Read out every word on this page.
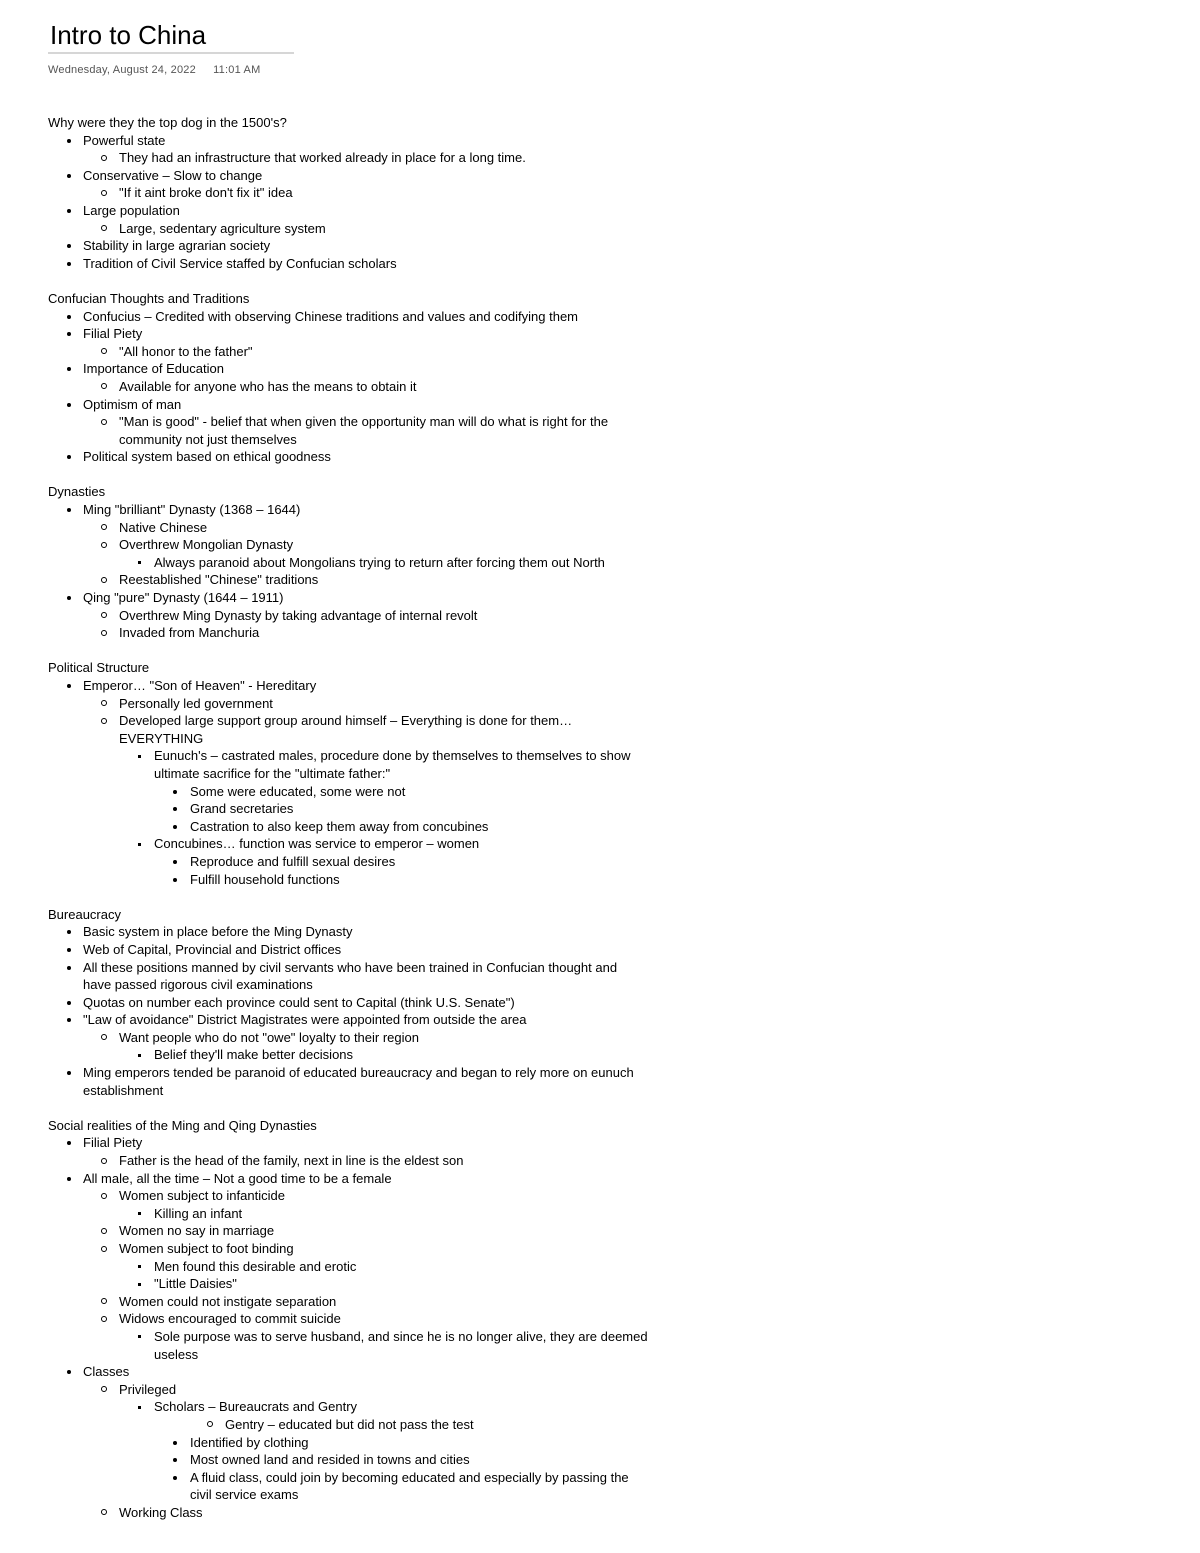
Intro to China
Wednesday, August 24, 2022 11:01 AM
Why were they the top dog in the 1500's?
Powerful state
They had an infrastructure that worked already in place for a long time.
Conservative – Slow to change
"If it aint broke don't fix it" idea
Large population
Large, sedentary agriculture system
Stability in large agrarian society
Tradition of Civil Service staffed by Confucian scholars
Confucian Thoughts and Traditions
Confucius – Credited with observing Chinese traditions and values and codifying them
Filial Piety
"All honor to the father"
Importance of Education
Available for anyone who has the means to obtain it
Optimism of man
"Man is good" - belief that when given the opportunity man will do what is right for the community not just themselves
Political system based on ethical goodness
Dynasties
Ming "brilliant" Dynasty (1368 – 1644)
Native Chinese
Overthrew Mongolian Dynasty
Always paranoid about Mongolians trying to return after forcing them out North
Reestablished "Chinese" traditions
Qing "pure" Dynasty (1644 – 1911)
Overthrew Ming Dynasty by taking advantage of internal revolt
Invaded from Manchuria
Political Structure
Emperor… "Son of Heaven" - Hereditary
Personally led government
Developed large support group around himself – Everything is done for them… EVERYTHING
Eunuch's – castrated males, procedure done by themselves to themselves to show ultimate sacrifice for the "ultimate father:"
Some were educated, some were not
Grand secretaries
Castration to also keep them away from concubines
Concubines… function was service to emperor – women
Reproduce and fulfill sexual desires
Fulfill household functions
Bureaucracy
Basic system in place before the Ming Dynasty
Web of Capital, Provincial and District offices
All these positions manned by civil servants who have been trained in Confucian thought and have passed rigorous civil examinations
Quotas on number each province could sent to Capital (think U.S. Senate")
"Law of avoidance" District Magistrates were appointed from outside the area
Want people who do not "owe" loyalty to their region
Belief they'll make better decisions
Ming emperors tended be paranoid of educated bureaucracy and began to rely more on eunuch establishment
Social realities of the Ming and Qing Dynasties
Filial Piety
Father is the head of the family, next in line is the eldest son
All male, all the time – Not a good time to be a female
Women subject to infanticide
Killing an infant
Women no say in marriage
Women subject to foot binding
Men found this desirable and erotic
"Little Daisies"
Women could not instigate separation
Widows encouraged to commit suicide
Sole purpose was to serve husband, and since he is no longer alive, they are deemed useless
Classes
Privileged
Scholars – Bureaucrats and Gentry
Gentry – educated but did not pass the test
Identified by clothing
Most owned land and resided in towns and cities
A fluid class, could join by becoming educated and especially by passing the civil service exams
Working Class
